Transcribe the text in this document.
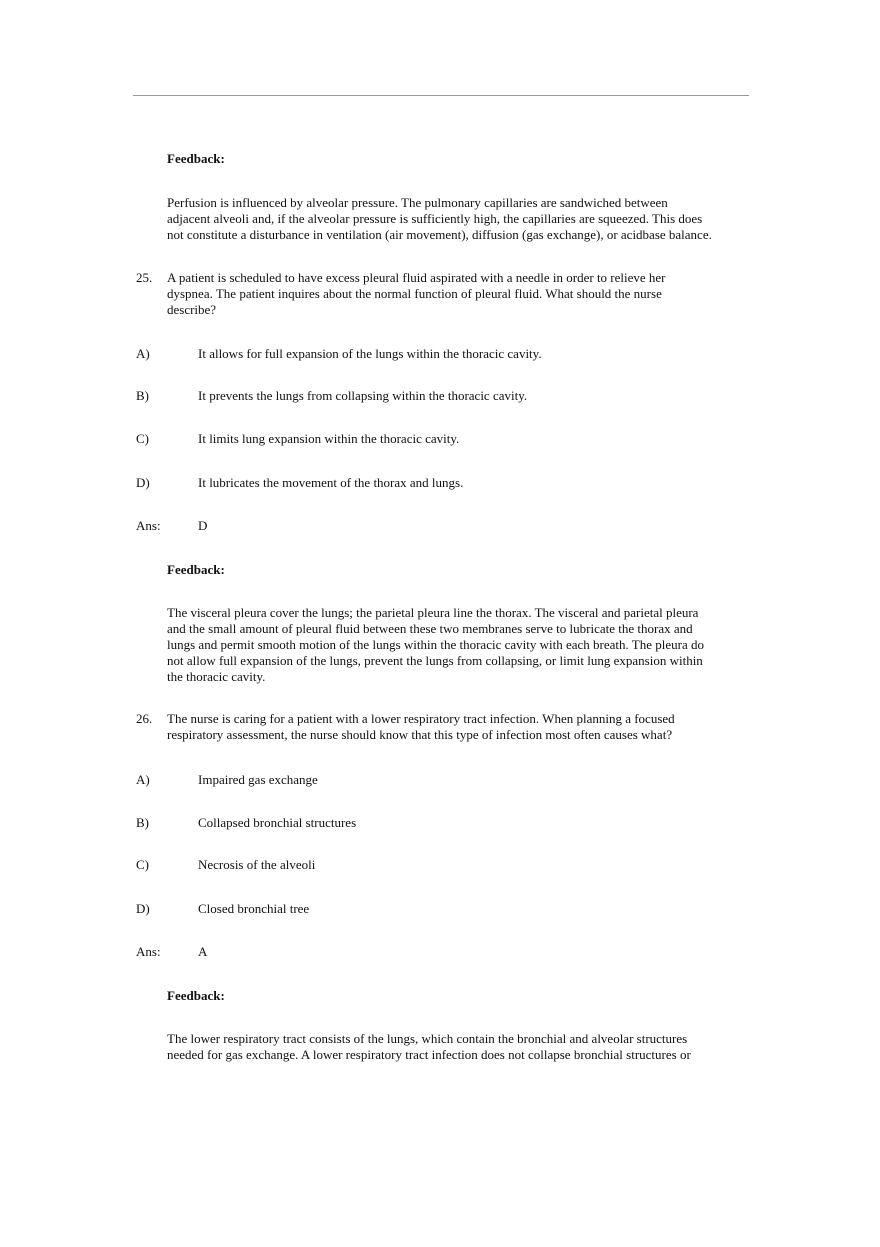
Feedback:
Perfusion is influenced by alveolar pressure. The pulmonary capillaries are sandwiched between
adjacent alveoli and, if the alveolar pressure is sufficiently high, the capillaries are squeezed. This does
not constitute a disturbance in ventilation (air movement), diffusion (gas exchange), or acidbase balance.
25. A patient is scheduled to have excess pleural fluid aspirated with a needle in order to relieve her
dyspnea. The patient inquires about the normal function of pleural fluid. What should the nurse
describe?
A)	It allows for full expansion of the lungs within the thoracic cavity.
B)	It prevents the lungs from collapsing within the thoracic cavity.
C)	It limits lung expansion within the thoracic cavity.
D)	It lubricates the movement of the thorax and lungs.
Ans:	D
Feedback:
The visceral pleura cover the lungs; the parietal pleura line the thorax. The visceral and parietal pleura
and the small amount of pleural fluid between these two membranes serve to lubricate the thorax and
lungs and permit smooth motion of the lungs within the thoracic cavity with each breath. The pleura do
not allow full expansion of the lungs, prevent the lungs from collapsing, or limit lung expansion within
the thoracic cavity.
26. The nurse is caring for a patient with a lower respiratory tract infection. When planning a focused
respiratory assessment, the nurse should know that this type of infection most often causes what?
A)	Impaired gas exchange
B)	Collapsed bronchial structures
C)	Necrosis of the alveoli
D)	Closed bronchial tree
Ans:	A
Feedback:
The lower respiratory tract consists of the lungs, which contain the bronchial and alveolar structures
needed for gas exchange. A lower respiratory tract infection does not collapse bronchial structures or
